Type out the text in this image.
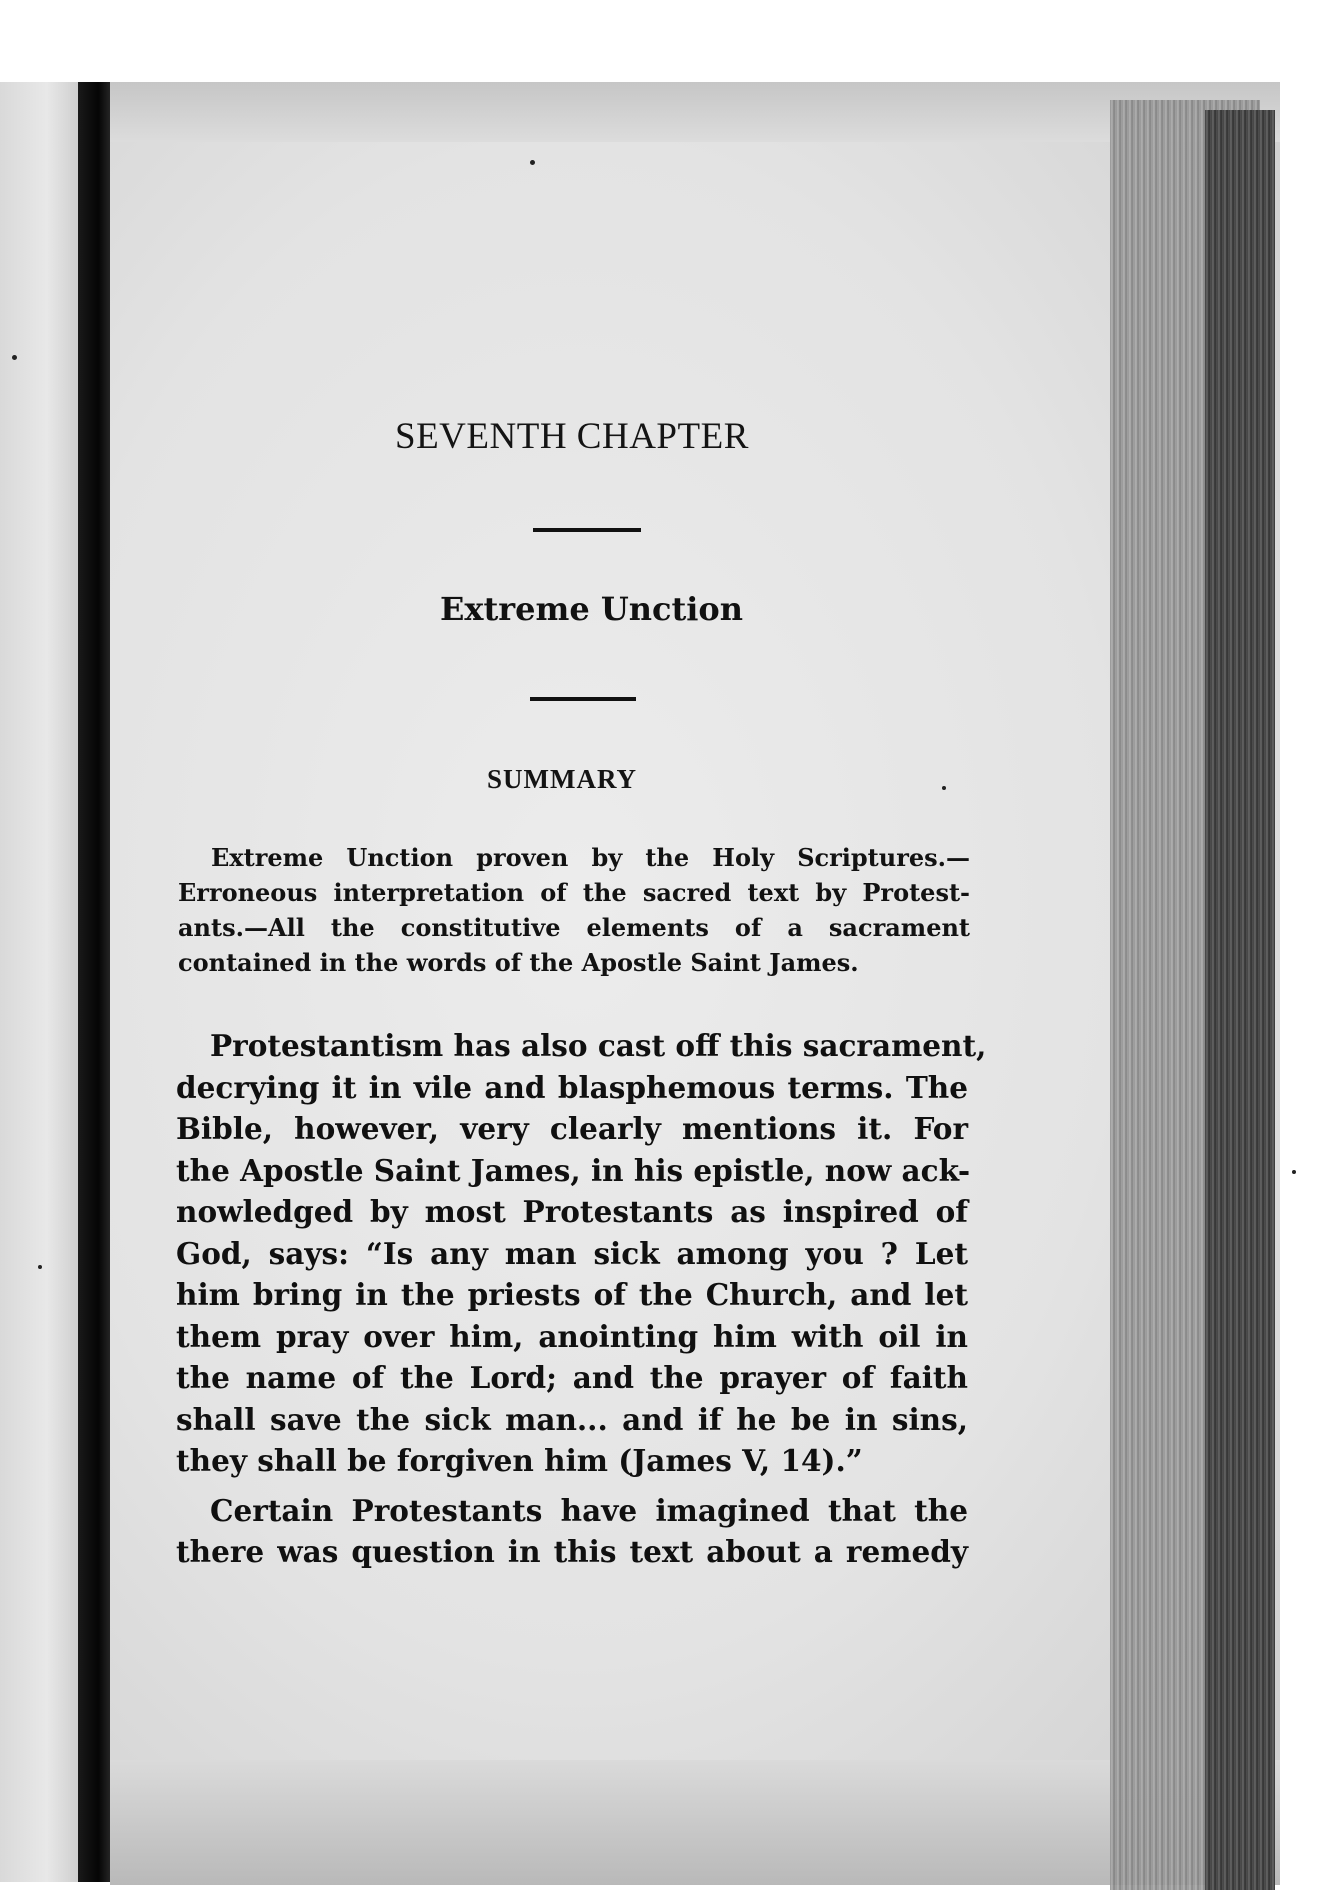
SEVENTH CHAPTER
Extreme Unction
SUMMARY
Extreme Unction proven by the Holy Scriptures.—
Erroneous interpretation of the sacred text by Protest-
ants.—All the constitutive elements of a sacrament
contained in the words of the Apostle Saint James.
Protestantism has also cast off this sacrament,
decrying it in vile and blasphemous terms. The
Bible, however, very clearly mentions it. For
the Apostle Saint James, in his epistle, now ack-
nowledged by most Protestants as inspired of
God, says: “Is any man sick among you ? Let
him bring in the priests of the Church, and let
them pray over him, anointing him with oil in
the name of the Lord; and the prayer of faith
shall save the sick man... and if he be in sins,
they shall be forgiven him (James V, 14).”
Certain Protestants have imagined that the
there was question in this text about a remedy
